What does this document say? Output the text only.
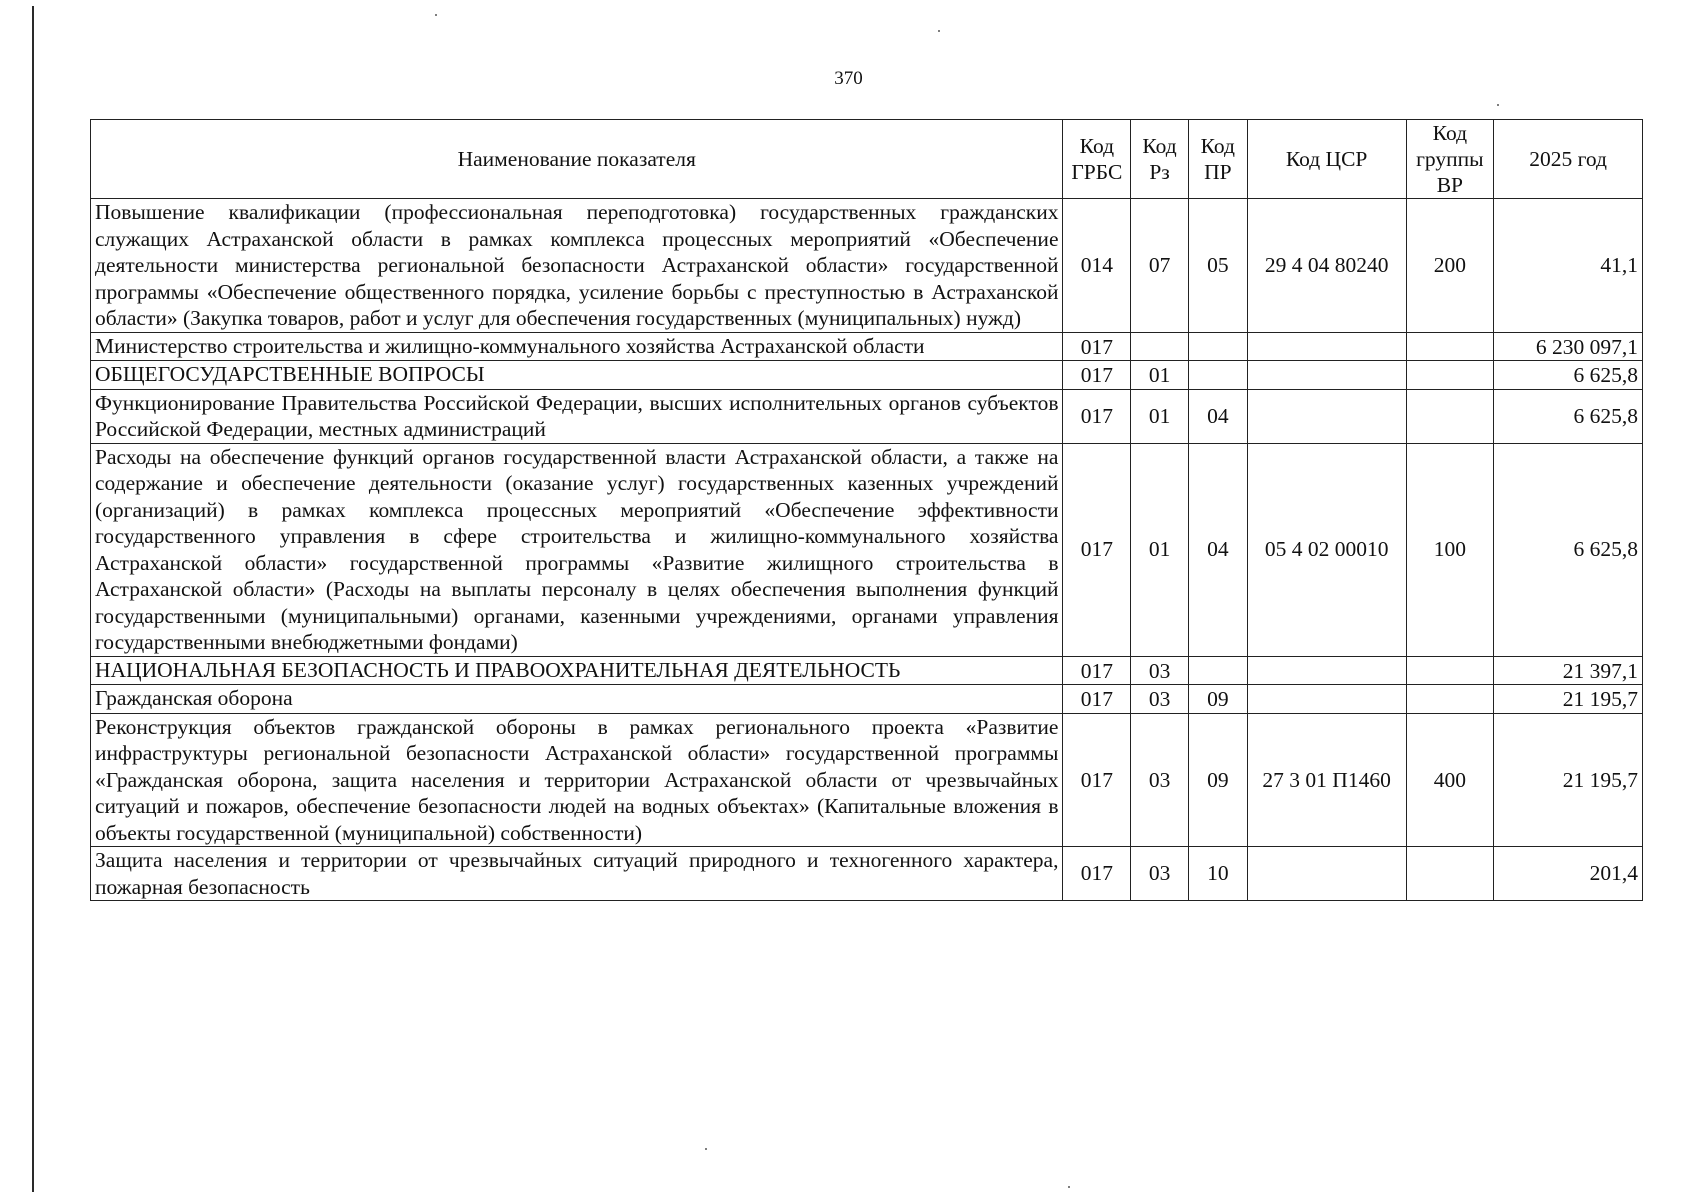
370
Наименование показателя	Код ГРБС	Код Рз	Код ПР	Код ЦСР	Код группы ВР	2025 год
Повышение квалификации (профессиональная переподготовка) государственных гражданских служащих Астраханской области в рамках комплекса процессных мероприятий «Обеспечение деятельности министерства региональной безопасности Астраханской области» государственной программы «Обеспечение общественного порядка, усиление борьбы с преступностью в Астраханской области» (Закупка товаров, работ и услуг для обеспечения государственных (муниципальных) нужд)	014	07	05	29 4 04 80240	200	41,1
Министерство строительства и жилищно-коммунального хозяйства Астраханской области	017					6 230 097,1
ОБЩЕГОСУДАРСТВЕННЫЕ ВОПРОСЫ	017	01				6 625,8
Функционирование Правительства Российской Федерации, высших исполнительных органов субъектов Российской Федерации, местных администраций	017	01	04			6 625,8
Расходы на обеспечение функций органов государственной власти Астраханской области, а также на содержание и обеспечение деятельности (оказание услуг) государственных казенных учреждений (организаций) в рамках комплекса процессных мероприятий «Обеспечение эффективности государственного управления в сфере строительства и жилищно-коммунального хозяйства Астраханской области» государственной программы «Развитие жилищного строительства в Астраханской области» (Расходы на выплаты персоналу в целях обеспечения выполнения функций государственными (муниципальными) органами, казенными учреждениями, органами управления государственными внебюджетными фондами)	017	01	04	05 4 02 00010	100	6 625,8
НАЦИОНАЛЬНАЯ БЕЗОПАСНОСТЬ И ПРАВООХРАНИТЕЛЬНАЯ ДЕЯТЕЛЬНОСТЬ	017	03				21 397,1
Гражданская оборона	017	03	09			21 195,7
Реконструкция объектов гражданской обороны в рамках регионального проекта «Развитие инфраструктуры региональной безопасности Астраханской области» государственной программы «Гражданская оборона, защита населения и территории Астраханской области от чрезвычайных ситуаций и пожаров, обеспечение безопасности людей на водных объектах» (Капитальные вложения в объекты государственной (муниципальной) собственности)	017	03	09	27 3 01 П1460	400	21 195,7
Защита населения и территории от чрезвычайных ситуаций природного и техногенного характера, пожарная безопасность	017	03	10			201,4
